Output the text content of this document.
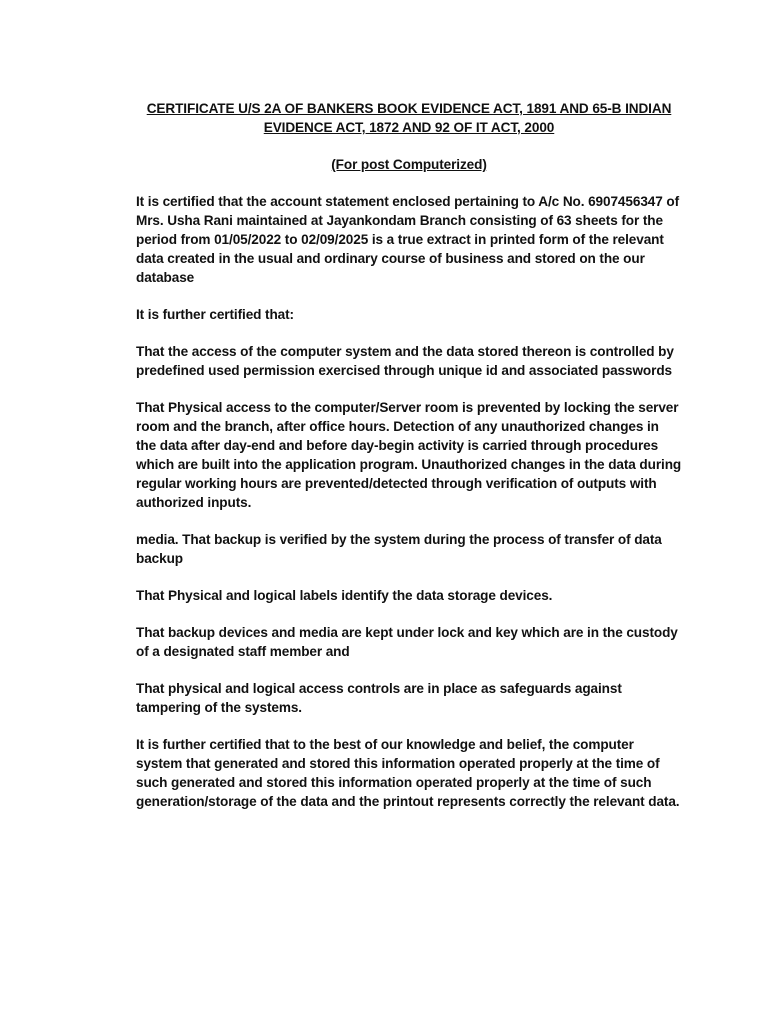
CERTIFICATE U/S 2A OF BANKERS BOOK EVIDENCE ACT, 1891 AND 65-B INDIAN
EVIDENCE ACT, 1872 AND 92 OF IT ACT, 2000
(For post Computerized)

It is certified that the account statement enclosed pertaining to A/c No. 6907456347 of Mrs. Usha Rani maintained at Jayankondam Branch consisting of 63 sheets for the period from 01/05/2022 to 02/09/2025 is a true extract in printed form of the relevant data created in the usual and ordinary course of business and stored on the our database

It is further certified that:

That the access of the computer system and the data stored thereon is controlled by predefined used permission exercised through unique id and associated passwords

That Physical access to the computer/Server room is prevented by locking the server room and the branch, after office hours. Detection of any unauthorized changes in the data after day-end and before day-begin activity is carried through procedures which are built into the application program. Unauthorized changes in the data during regular working hours are prevented/detected through verification of outputs with authorized inputs.

media. That backup is verified by the system during the process of transfer of data backup

That Physical and logical labels identify the data storage devices.

That backup devices and media are kept under lock and key which are in the custody of a designated staff member and

That physical and logical access controls are in place as safeguards against tampering of the systems.

It is further certified that to the best of our knowledge and belief, the computer system that generated and stored this information operated properly at the time of such generated and stored this information operated properly at the time of such generation/storage of the data and the printout represents correctly the relevant data.
